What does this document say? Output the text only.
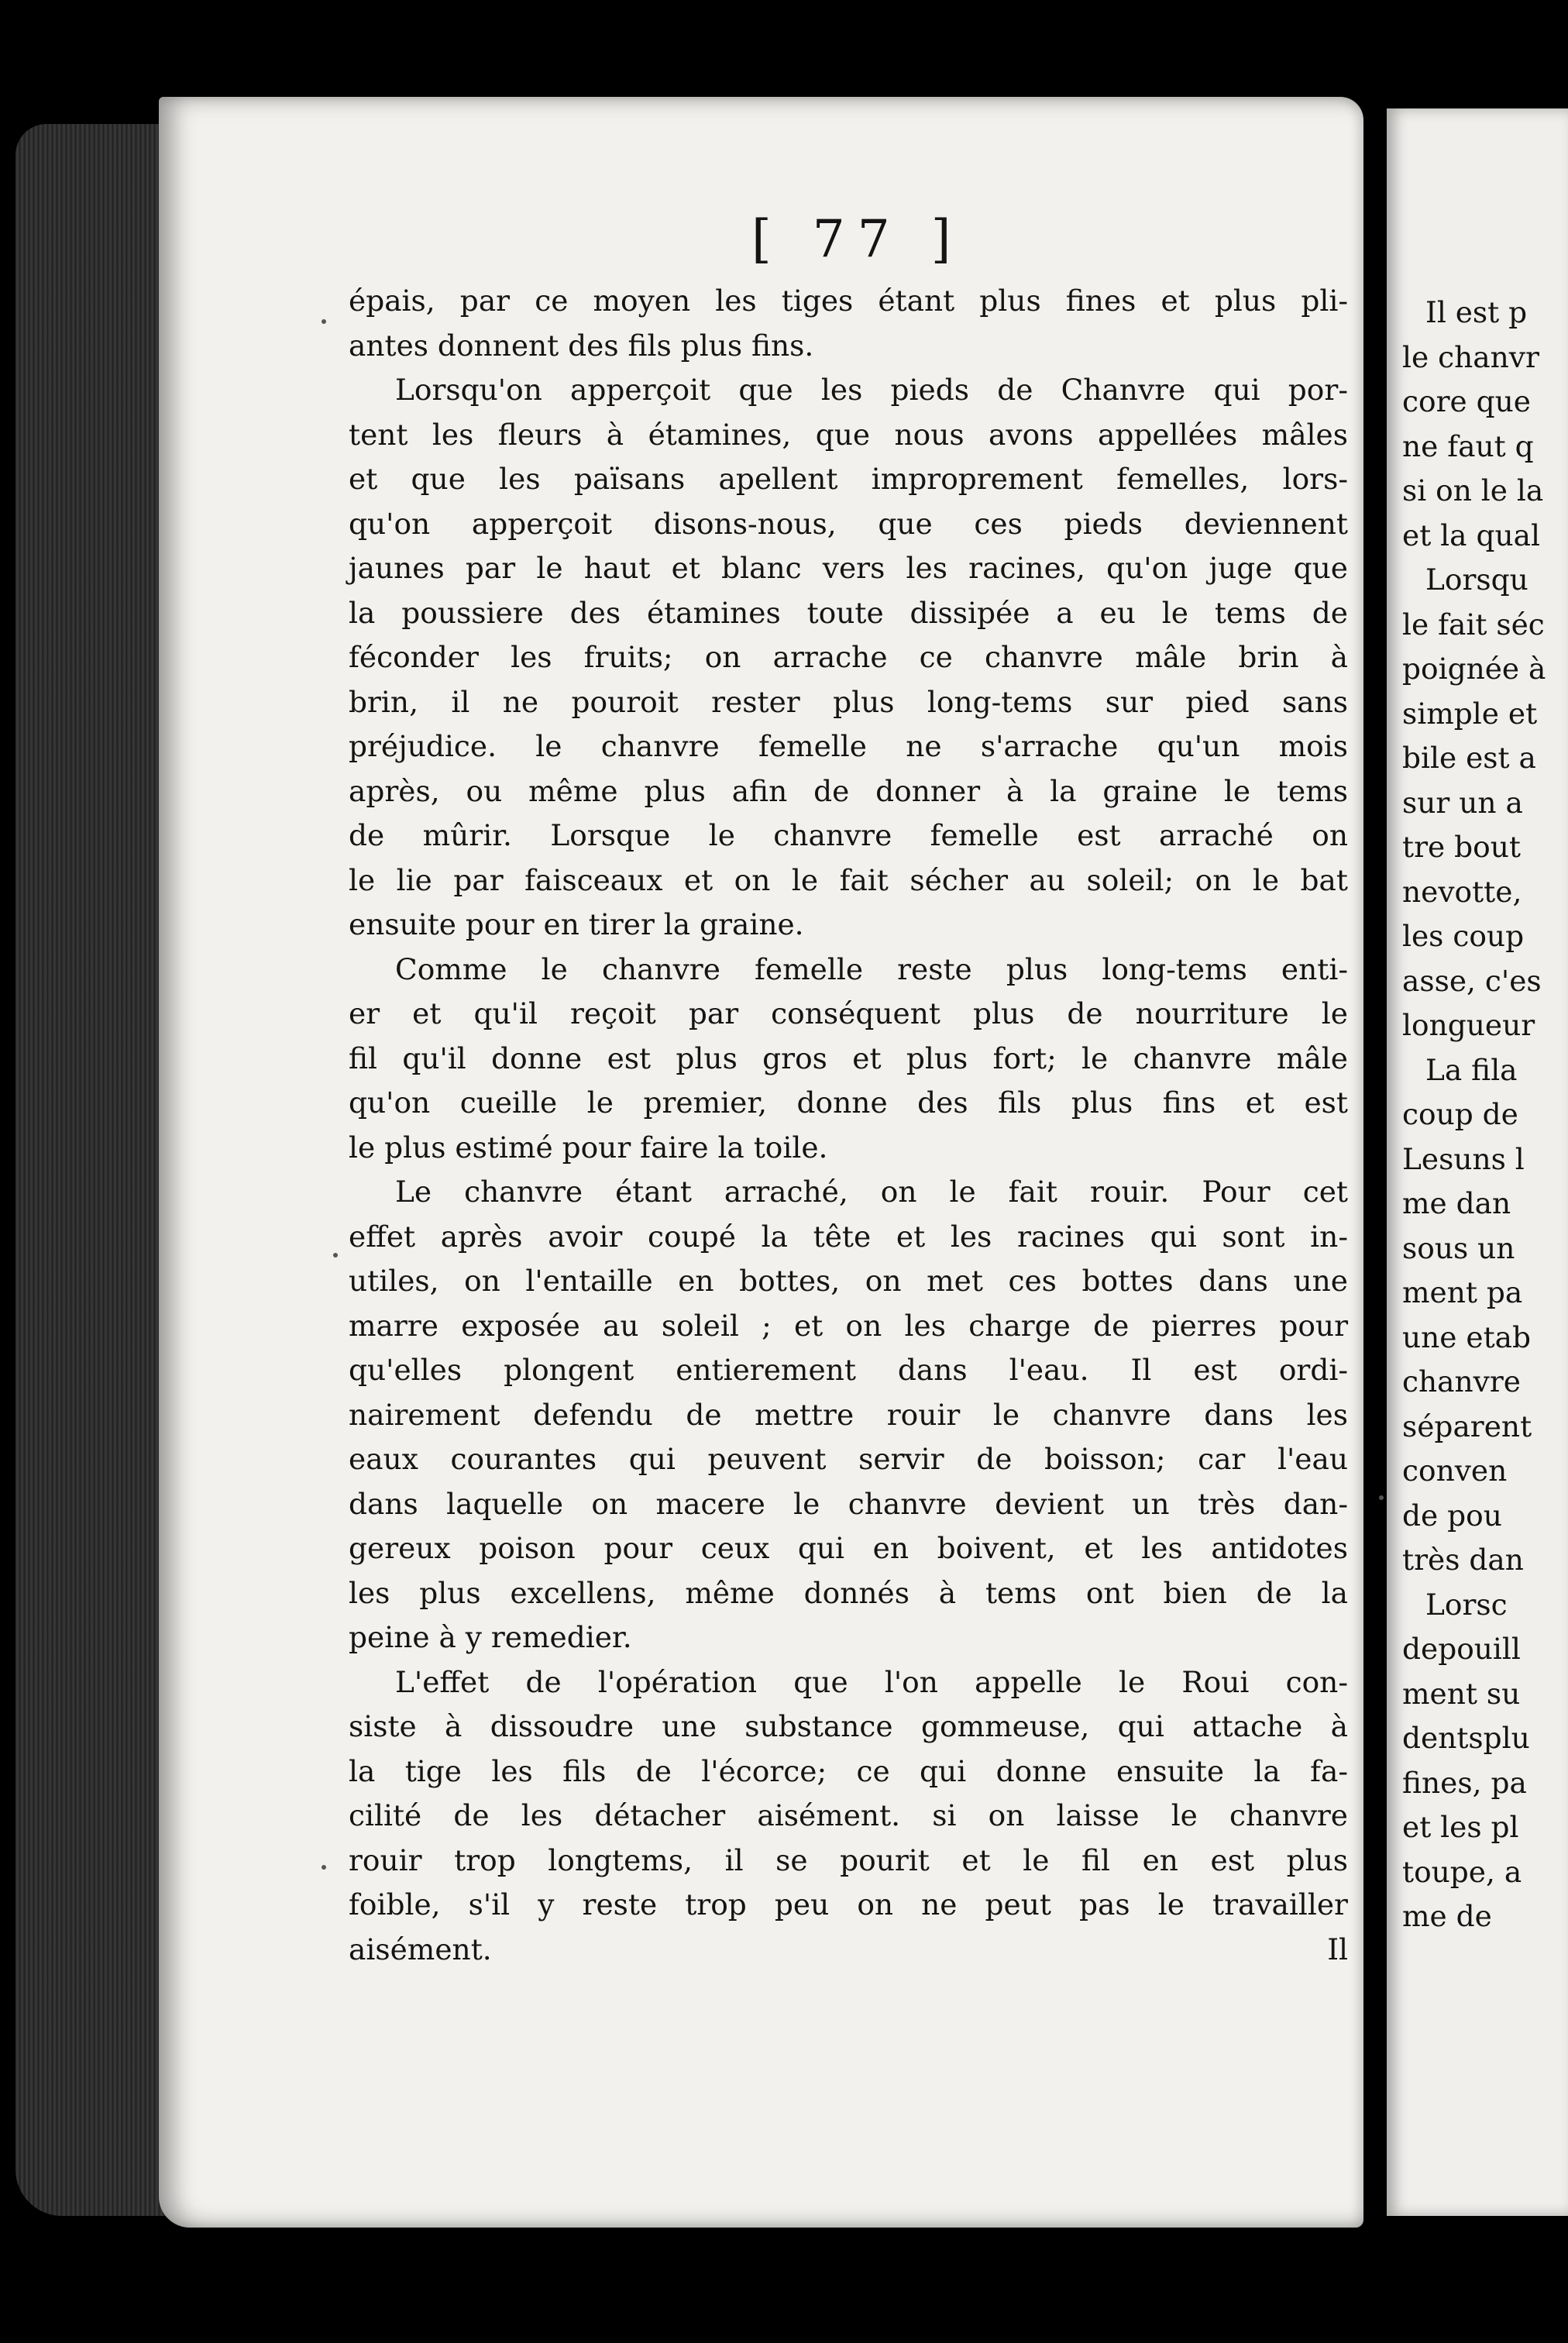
[ 77 ]
épais, par ce moyen les tiges étant plus fines et plus pli-
antes donnent des fils plus fins.
Lorsqu'on apperçoit que les pieds de Chanvre qui por-
tent les fleurs à étamines, que nous avons appellées mâles
et que les païsans apellent improprement femelles, lors-
qu'on apperçoit disons-nous, que ces pieds deviennent
jaunes par le haut et blanc vers les racines, qu'on juge que
la poussiere des étamines toute dissipée a eu le tems de
féconder les fruits; on arrache ce chanvre mâle brin à
brin, il ne pouroit rester plus long-tems sur pied sans
préjudice. le chanvre femelle ne s'arrache qu'un mois
après, ou même plus afin de donner à la graine le tems
de mûrir. Lorsque le chanvre femelle est arraché on
le lie par faisceaux et on le fait sécher au soleil; on le bat
ensuite pour en tirer la graine.
Comme le chanvre femelle reste plus long-tems enti-
er et qu'il reçoit par conséquent plus de nourriture le
fil qu'il donne est plus gros et plus fort; le chanvre mâle
qu'on cueille le premier, donne des fils plus fins et est
le plus estimé pour faire la toile.
Le chanvre étant arraché, on le fait rouir. Pour cet
effet après avoir coupé la tête et les racines qui sont in-
utiles, on l'entaille en bottes, on met ces bottes dans une
marre exposée au soleil ; et on les charge de pierres pour
qu'elles plongent entierement dans l'eau. Il est ordi-
nairement defendu de mettre rouir le chanvre dans les
eaux courantes qui peuvent servir de boisson; car l'eau
dans laquelle on macere le chanvre devient un très dan-
gereux poison pour ceux qui en boivent, et les antidotes
les plus excellens, même donnés à tems ont bien de la
peine à y remedier.
L'effet de l'opération que l'on appelle le Roui con-
siste à dissoudre une substance gommeuse, qui attache à
la tige les fils de l'écorce; ce qui donne ensuite la fa-
cilité de les détacher aisément. si on laisse le chanvre
rouir trop longtems, il se pourit et le fil en est plus
foible, s'il y reste trop peu on ne peut pas le travailler
aisément.	Il
Il est p
le chanvr
core que
ne faut q
si on le la
et la qual
Lorsqu
le fait séc
poignée à
simple et
bile est a
sur un a
tre bout
nevotte,
les coup
asse, c'es
longueur
La fila
coup de
Lesuns l
me dan
sous un
ment pa
une etab
chanvre
séparent
conven
de pou
très dan
Lorsc
depouill
ment su
dentsplu
fines, pa
et les pl
toupe, a
me de
